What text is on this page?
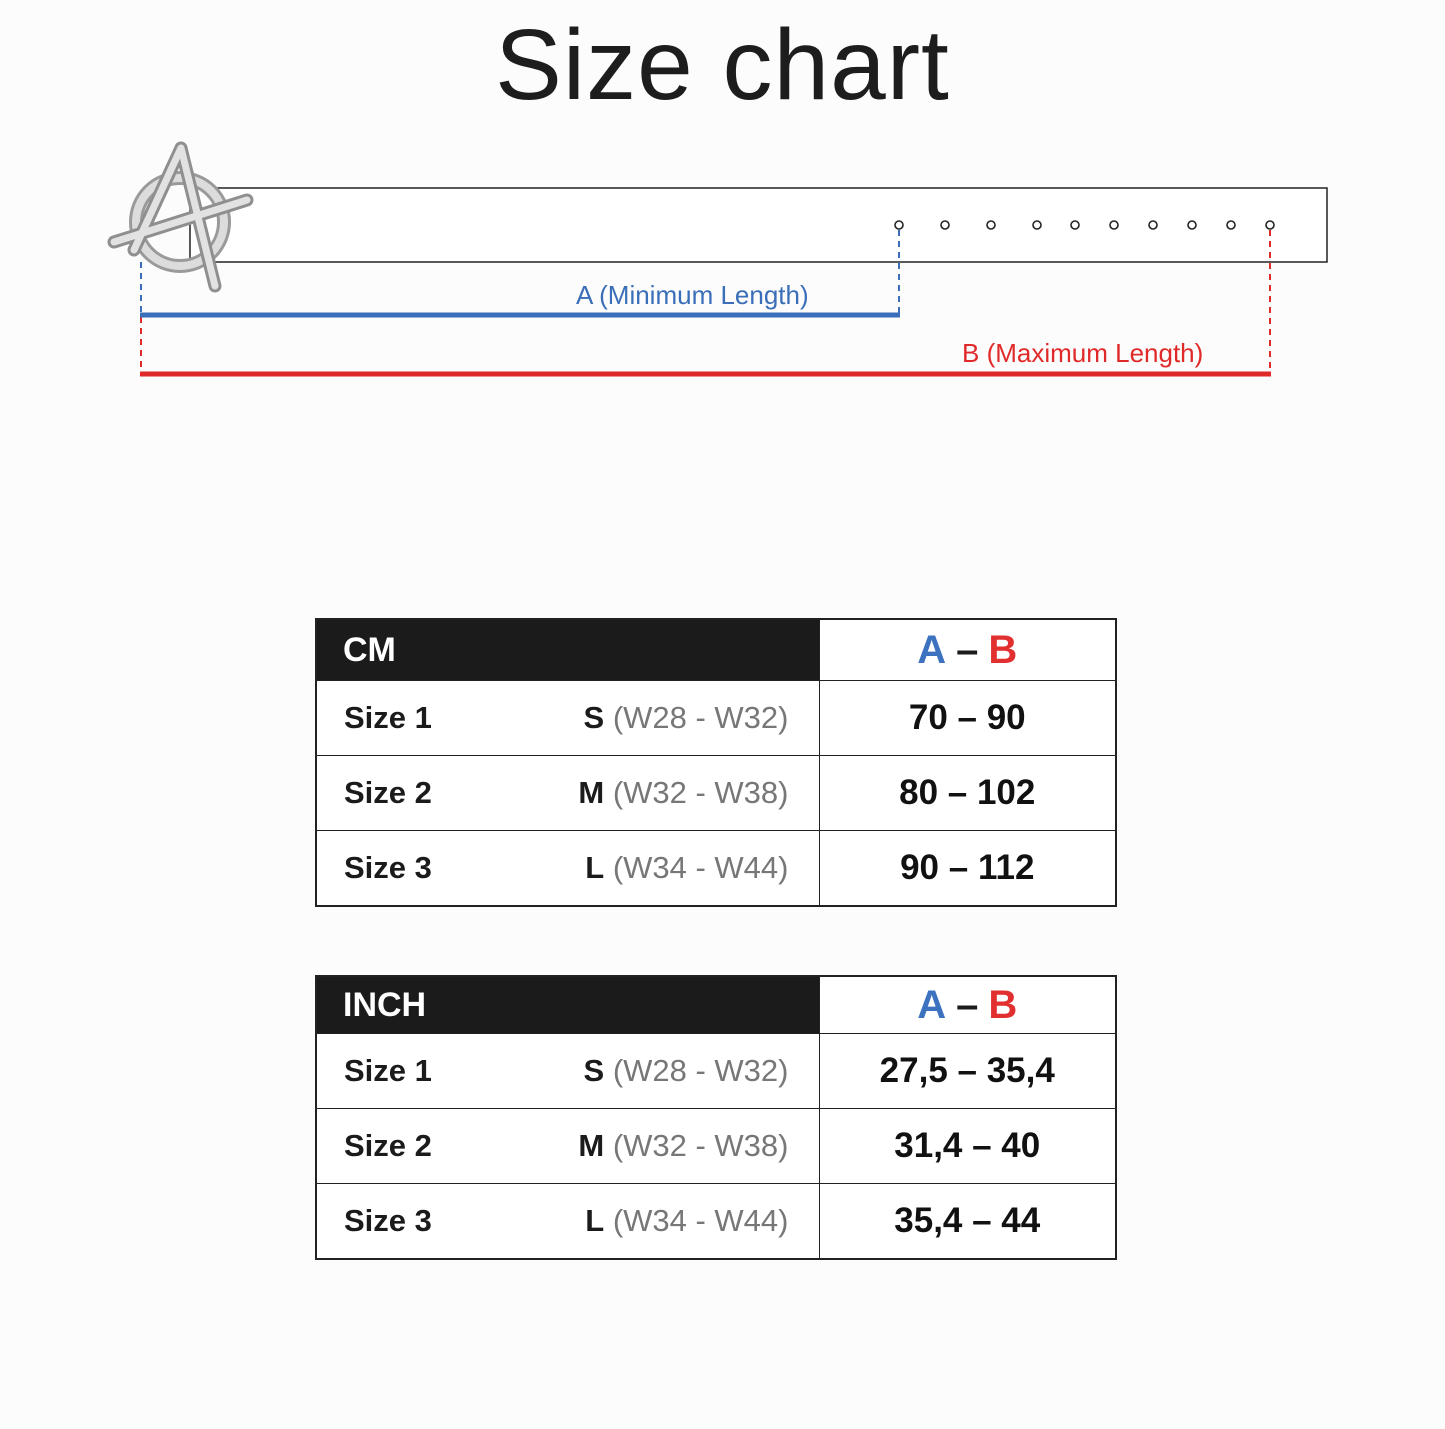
Size chart
A (Minimum Length)
B (Maximum Length)
CM	A – B

Size 1 S (W28 - W32)	70 – 90

Size 2 M (W32 - W38)	80 – 102

Size 3 L (W34 - W44)	90 – 112
INCH	A – B

Size 1 S (W28 - W32)	27,5 – 35,4

Size 2 M (W32 - W38)	31,4 – 40

Size 3 L (W34 - W44)	35,4 – 44
